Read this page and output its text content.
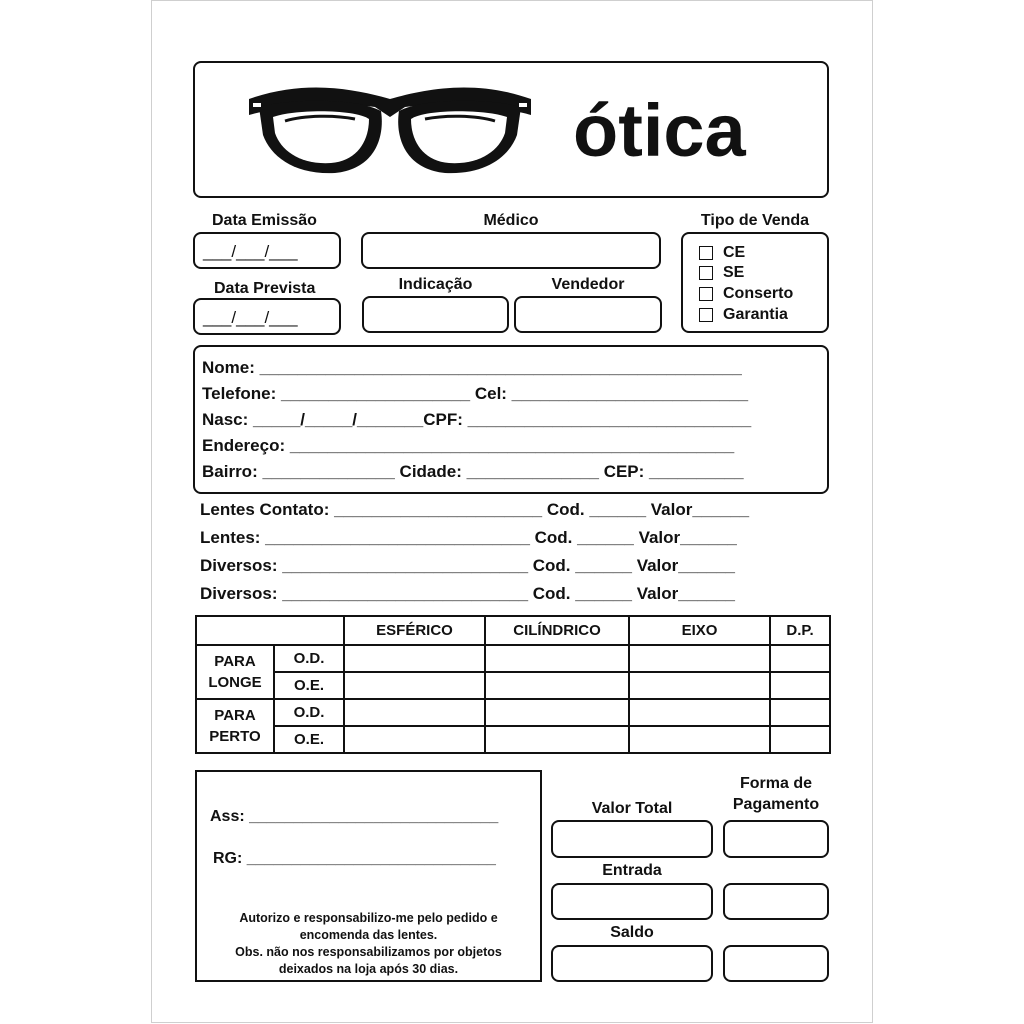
ótica
Data Emissão
___/___/___
Data Prevista
___/___/___
Médico
Indicação	Vendedor
Tipo de Venda
CE
SE
Conserto
Garantia
Nome: ___________________________________________________
Telefone: ____________________ Cel: _________________________
Nasc: _____/_____/_______CPF: ______________________________
Endereço: _______________________________________________
Bairro: ______________ Cidade: ______________ CEP: __________
Lentes Contato: ______________________ Cod. ______ Valor______
Lentes: ____________________________ Cod. ______ Valor______
Diversos: __________________________ Cod. ______ Valor______
Diversos: __________________________ Cod. ______ Valor______
		ESFÉRICO	CILÍNDRICO	EIXO	D.P.
PARA LONGE	O.D.				
	O.E.				
PARA PERTO	O.D.				
	O.E.				
Ass: ____________________________
RG: ____________________________
Autorizo e responsabilizo-me pelo pedido e
encomenda das lentes.
Obs. não nos responsabilizamos por objetos
deixados na loja após 30 dias.
Valor Total
Forma de Pagamento
Entrada
Saldo
